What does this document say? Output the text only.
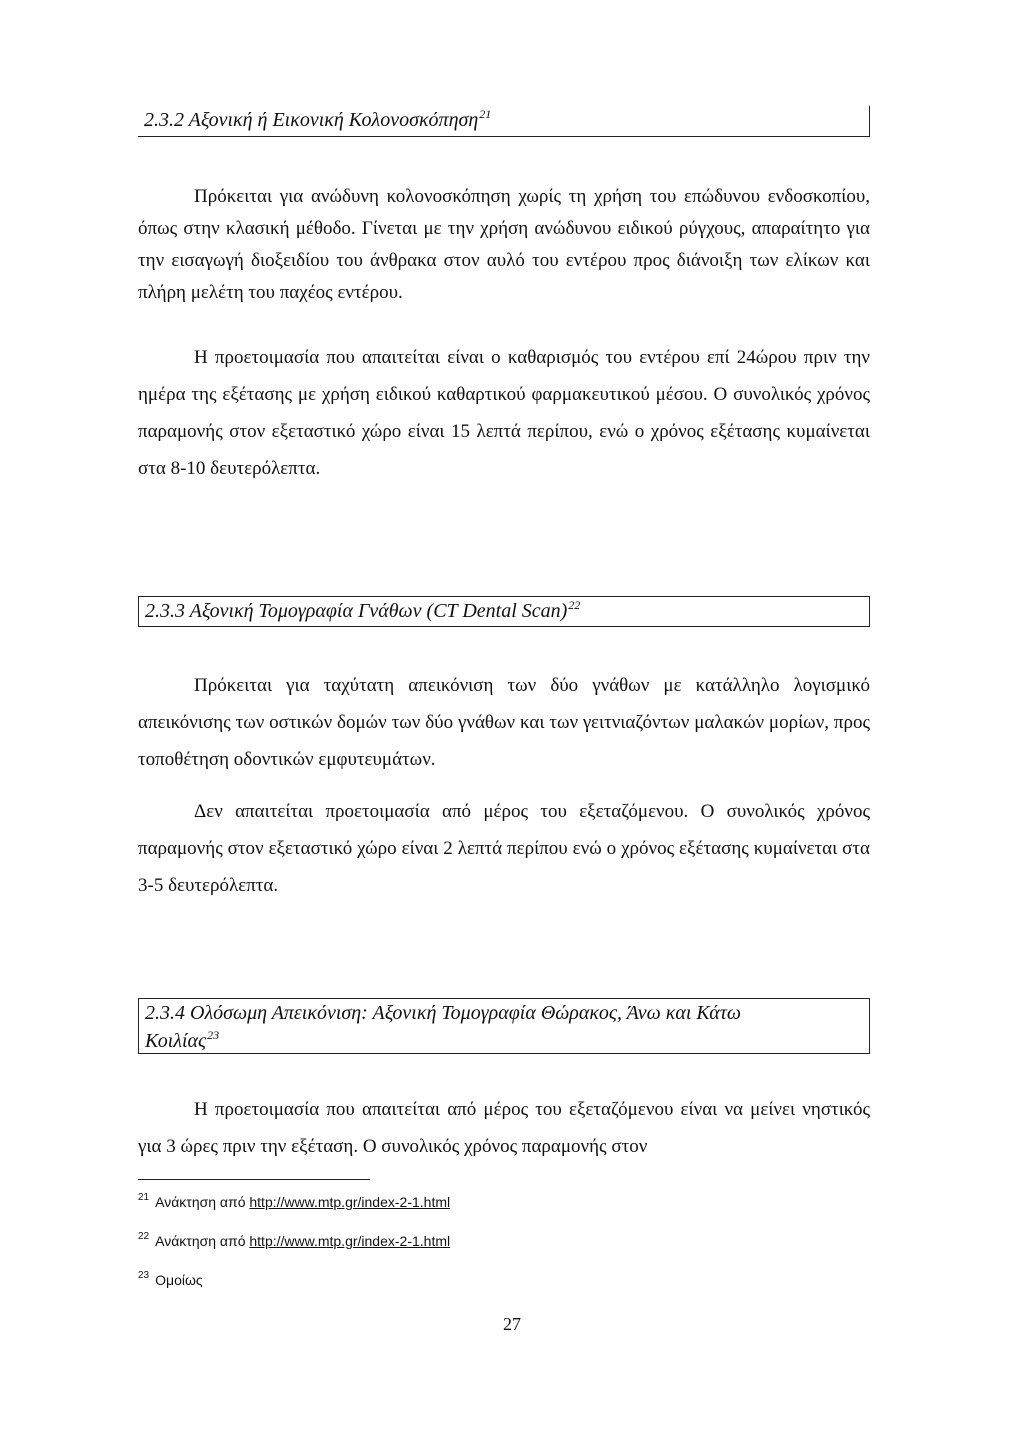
2.3.2 Αξονική ή Εικονική Κολονοσκόπηση$^{21}$

Πρόκειται για ανώδυνη κολονοσκόπηση χωρίς τη χρήση του επώδυνου ενδοσκοπίου, όπως στην κλασική μέθοδο. Γίνεται με την χρήση ανώδυνου ειδικού ρύγχους, απαραίτητο για την εισαγωγή διοξειδίου του άνθρακα στον αυλό του εντέρου προς διάνοιξη των ελίκων και πλήρη μελέτη του παχέος εντέρου.

Η προετοιμασία που απαιτείται είναι ο καθαρισμός του εντέρου επί 24ώρου πριν την ημέρα της εξέτασης με χρήση ειδικού καθαρτικού φαρμακευτικού μέσου. Ο συνολικός χρόνος παραμονής στον εξεταστικό χώρο είναι 15 λεπτά περίπου, ενώ ο χρόνος εξέτασης κυμαίνεται στα 8-10 δευτερόλεπτα.

2.3.3 Αξονική Τομογραφία Γνάθων (CT Dental Scan)$^{22}$

Πρόκειται για ταχύτατη απεικόνιση των δύο γνάθων με κατάλληλο λογισμικό απεικόνισης των οστικών δομών των δύο γνάθων και των γειτνιαζόντων μαλακών μορίων, προς τοποθέτηση οδοντικών εμφυτευμάτων.

Δεν απαιτείται προετοιμασία από μέρος του εξεταζόμενου. Ο συνολικός χρόνος παραμονής στον εξεταστικό χώρο είναι 2 λεπτά περίπου ενώ ο χρόνος εξέτασης κυμαίνεται στα 3-5 δευτερόλεπτα.

2.3.4 Ολόσωμη Απεικόνιση: Αξονική Τομογραφία Θώρακος, Άνω και Κάτω
Κοιλίας$^{23}$

Η προετοιμασία που απαιτείται από μέρος του εξεταζόμενου είναι να μείνει νηστικός για 3 ώρες πριν την εξέταση. Ο συνολικός χρόνος παραμονής στον

$^{21}$ Ανάκτηση από http://www.mtp.gr/index-2-1.html
$^{22}$ Ανάκτηση από http://www.mtp.gr/index-2-1.html
$^{23}$ Ομοίως
27
